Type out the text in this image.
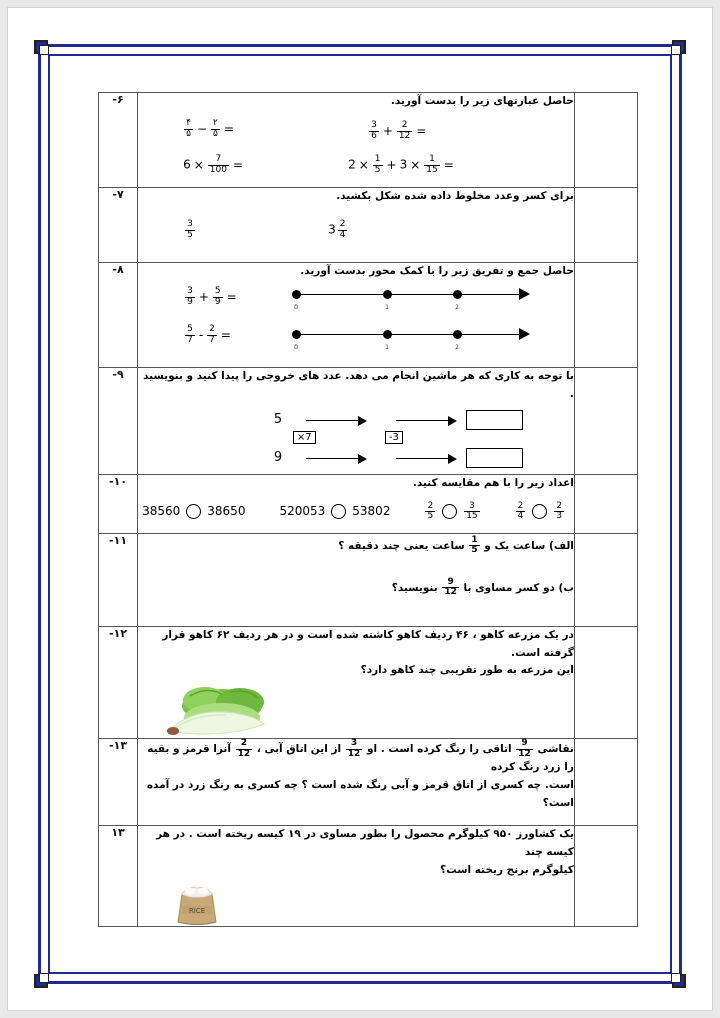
حاصل عبارتهای زیر را بدست آورید.
$\frac{3}{6} + \frac{2}{12}$ =
$\frac{۴}{۵} - \frac{۲}{۵}$ =
$2 \times \frac{1}{5} + 3 \times \frac{1}{15}$ =
$6 \times \frac{7}{100}$ =
	۶-

برای کسر وعدد مخلوط داده شده شکل بکشید.
$3 \frac{2}{4}$
$\frac{3}{5}$
	۷-

حاصل جمع و تفریق زیر را با کمک محور بدست آورید.
$\frac{3}{9} + \frac{5}{9}$ =
0	1	2
$\frac{5}{7} - \frac{2}{7}$ =
0	1	2
	۸-

	با توجه به کاری که هر ماشین انجام می دهد. عدد های خروجی را پیدا کنید و بنویسید .
5
9
×7 -3	۹-

اعداد زیر را با هم مقایسه کنید.
38560 38650	520053 53802	$\frac{2}{5}$	$\frac{3}{15}$	$\frac{2}{4}$	$\frac{2}{3}$
	۱۰-

الف) ساعت یک و
$\frac{1}{5}$
ساعت یعنی چند دقیقه ؟
ب) دو کسر مساوی با
$\frac{9}{12}$
بنویسید؟
	۱۱-

	در یک مزرعه کاهو ، ۴۶ ردیف کاهو کاشته شده است و در هر ردیف ۶۲ کاهو قرار گرفته است.
این مزرعه به طور تقریبی چند کاهو دارد؟	۱۲-

نقاشی
$\frac{9}{12}$
اتاقی را رنگ کرده است . او
$\frac{3}{12}$
از این اتاق آبی ،
$\frac{2}{12}$
آنرا قرمز و بقیه را زرد رنگ کرده
است. چه کسری از اتاق قرمز و آبی رنگ شده است ؟ چه کسری به رنگ زرد در آمده است؟
	۱۳-

	یک کشاورز ۹۵۰ کیلوگرم محصول را بطور مساوی در ۱۹ کیسه ریخته است . در هر کیسه چند
کیلوگرم برنج ریخته است؟
RICE	۱۳
